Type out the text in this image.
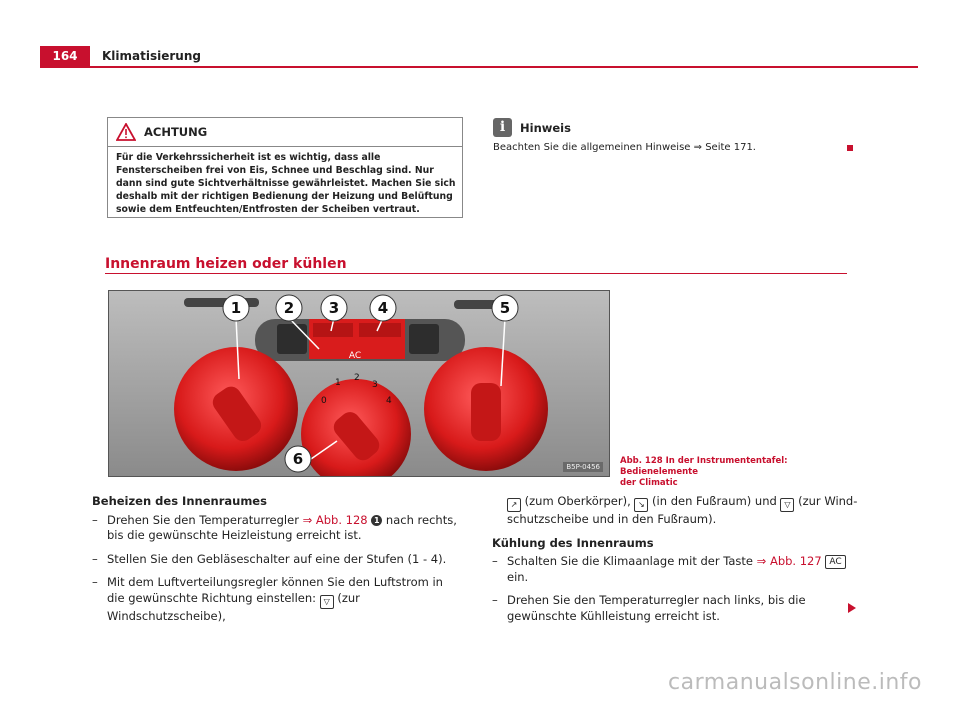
164	Klimatisierung
ACHTUNG
Für die Verkehrssicherheit ist es wichtig, dass alle Fensterscheiben frei von Eis, Schnee und Beschlag sind. Nur dann sind gute Sichtverhältnisse gewährleistet. Machen Sie sich deshalb mit der richtigen Bedienung der Heizung und Belüftung sowie dem Entfeuchten/Entfrosten der Scheiben vertraut.
i	Hinweis
Beachten Sie die allgemeinen Hinweise ⇒ Seite 171.
Innenraum heizen oder kühlen
AC
0
1 2
3
4
1	2 3	4	5
6	B5P-0456
Abb. 128 In der Instrumententafel: Bedienelemente
der Climatic
Beheizen des Innenraumes
– Drehen Sie den Temperaturregler ⇒ Abb. 128 1 nach rechts, bis die gewünschte Heizleistung erreicht ist.
– Stellen Sie den Gebläseschalter auf eine der Stufen (1 - 4).
– Mit dem Luftverteilungsregler können Sie den Luftstrom in die gewünschte Richtung einstellen: ▽ (zur Windschutzscheibe),
↗ (zum Oberkörper), ↘ (in den Fußraum) und ▽ (zur Windschutzscheibe und in den Fußraum).
Kühlung des Innenraums
– Schalten Sie die Klimaanlage mit der Taste ⇒ Abb. 127 AC ein.
– Drehen Sie den Temperaturregler nach links, bis die gewünschte Kühlleistung erreicht ist.
carmanualsonline.info
